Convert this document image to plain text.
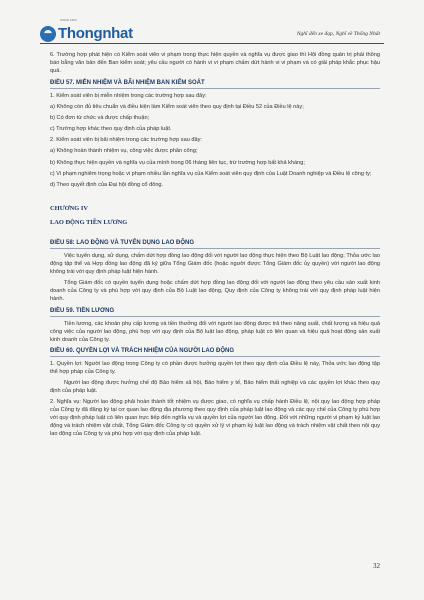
Thongnhat
SINCE 1960
Nghĩ đến xe đạp, Nghĩ về Thống Nhất

6. Trường hợp phát hiện có Kiểm soát viên vi phạm trong thực hiện quyền và nghĩa vụ được giao thì Hội đồng quản trị phải thông báo bằng văn bản đến Ban kiểm soát; yêu cầu người có hành vi vi phạm chấm dứt hành vi vi phạm và có giải pháp khắc phục hậu quả.

ĐIỀU 57. MIỄN NHIỆM VÀ BÃI NHIỆM BAN KIỂM SOÁT

1. Kiểm soát viên bị miễn nhiệm trong các trường hợp sau đây:

a) Không còn đủ tiêu chuẩn và điều kiện làm Kiểm soát viên theo quy định tại Điều 52 của Điều lệ này;

b) Có đơn từ chức và được chấp thuận;

c) Trường hợp khác theo quy định của pháp luật.

2. Kiểm soát viên bị bãi nhiệm trong các trường hợp sau đây:

a) Không hoàn thành nhiệm vụ, công việc được phân công;

b) Không thực hiện quyền và nghĩa vụ của mình trong 06 tháng liên tục, trừ trường hợp bất khả kháng;

c) Vi phạm nghiêm trọng hoặc vi phạm nhiều lần nghĩa vụ của Kiểm soát viên quy định của Luật Doanh nghiệp và Điều lệ công ty;

d) Theo quyết định của Đại hội đồng cổ đông.

CHƯƠNG IV

LAO ĐỘNG TIỀN LƯƠNG

ĐIỀU 58: LAO ĐỘNG VÀ TUYỂN DỤNG LAO ĐỘNG

Việc tuyển dụng, sử dụng, chấm dứt hợp đồng lao động đối với người lao động thực hiện theo Bộ Luật lao động; Thỏa ước lao động tập thể và Hợp đồng lao động đã ký giữa Tổng Giám đốc (hoặc người được Tổng Giám đốc ủy quyền) với người lao động không trái với quy định pháp luật hiện hành.

Tổng Giám đốc có quyền tuyển dụng hoặc chấm dứt hợp đồng lao động đối với người lao động theo yêu cầu sản xuất kinh doanh của Công ty và phù hợp với quy định của Bộ Luật lao động, Quy định của Công ty không trái với quy định pháp luật hiện hành.

ĐIỀU 59. TIỀN LƯƠNG

Tiền lương, các khoản phụ cấp lương và tiền thưởng đối với người lao động được trả theo năng suất, chất lượng và hiệu quả công việc của người lao động, phù hợp với quy định của Bộ luật lao động, pháp luật có liên quan và hiệu quả hoạt động sản xuất kinh doanh của Công ty.

ĐIỀU 60. QUYỀN LỢI VÀ TRÁCH NHIỆM CỦA NGƯỜI LAO ĐỘNG

1. Quyền lợi: Người lao động trong Công ty có phần được hưởng quyền lợi theo quy định của Điều lệ này, Thỏa ước lao động tập thể hợp pháp của Công ty.

Người lao động được hưởng chế độ Bảo hiểm xã hội, Bảo hiểm y tế, Bảo hiểm thất nghiệp và các quyền lợi khác theo quy định của pháp luật.

2. Nghĩa vụ: Người lao động phải hoàn thành tốt nhiệm vụ được giao, có nghĩa vụ chấp hành Điều lệ, nội quy lao động hợp pháp của Công ty đã đăng ký tại cơ quan lao động địa phương theo quy định của pháp luật lao động và các quy chế của Công ty phù hợp với quy định pháp luật có liên quan trực tiếp đến nghĩa vụ và quyền lợi của người lao động. Đối với những người vi phạm kỷ luật lao động và trách nhiệm vật chất, Tổng Giám đốc Công ty có quyền xử lý vi phạm kỷ luật lao động và trách nhiệm vật chất theo nội quy lao động của Công ty và phù hợp với quy định của pháp luật.

32
